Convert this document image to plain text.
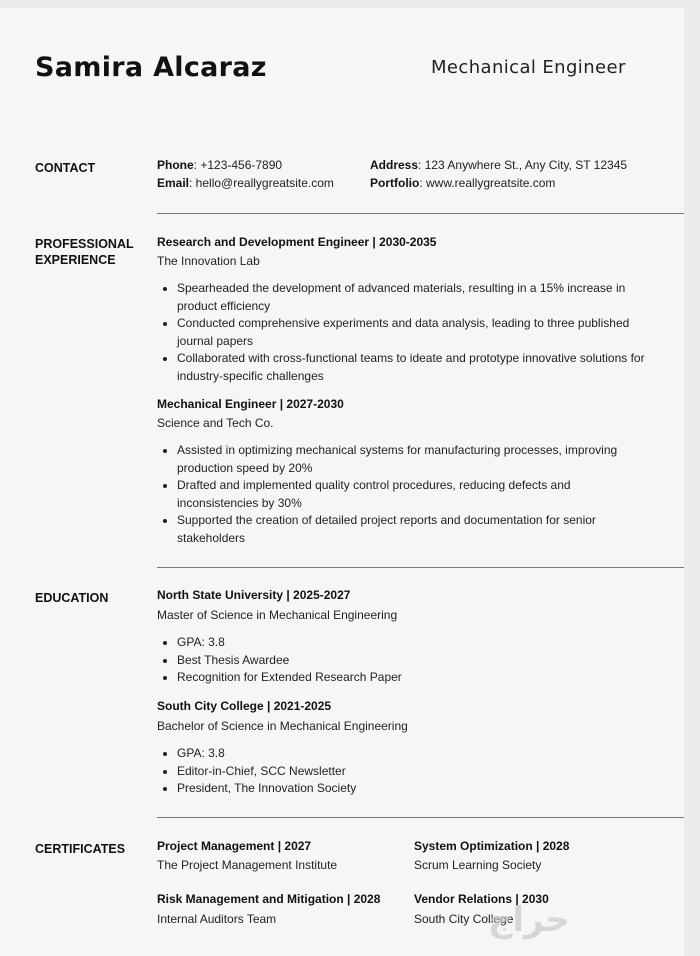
Samira Alcaraz	Mechanical Engineer
CONTACT	Phone: +123-456-7890
Email: hello@reallygreatsite.com
Address: 123 Anywhere St., Any City, ST 12345
Portfolio: www.reallygreatsite.com
PROFESSIONAL EXPERIENCE
Research and Development Engineer | 2030-2035
The Innovation Lab
• Spearheaded the development of advanced materials, resulting in a 15% increase in product efficiency
• Conducted comprehensive experiments and data analysis, leading to three published journal papers
• Collaborated with cross-functional teams to ideate and prototype innovative solutions for industry-specific challenges
Mechanical Engineer | 2027-2030
Science and Tech Co.
• Assisted in optimizing mechanical systems for manufacturing processes, improving production speed by 20%
• Drafted and implemented quality control procedures, reducing defects and inconsistencies by 30%
• Supported the creation of detailed project reports and documentation for senior stakeholders
EDUCATION	North State University | 2025-2027
Master of Science in Mechanical Engineering
• GPA: 3.8
• Best Thesis Awardee
• Recognition for Extended Research Paper
South City College | 2021-2025
Bachelor of Science in Mechanical Engineering
• GPA: 3.8
• Editor-in-Chief, SCC Newsletter
• President, The Innovation Society
CERTIFICATES	Project Management | 2027
The Project Management Institute
System Optimization | 2028
Scrum Learning Society
Risk Management and Mitigation | 2028
Internal Auditors Team
Vendor Relations | 2030
South City College
حراج
